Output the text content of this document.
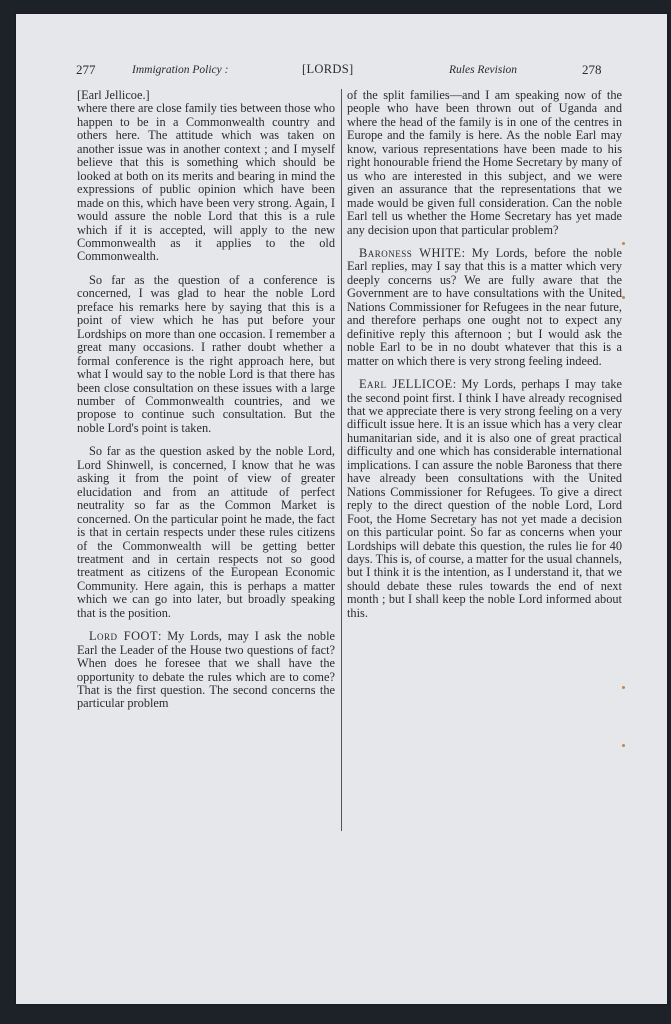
277	Immigration Policy :	[LORDS]	Rules Revision	278

[Earl Jellicoe.]

where there are close family ties between those who happen to be in a Commonwealth country and others here. The attitude which was taken on another issue was in another context ; and I myself believe that this is something which should be looked at both on its merits and bearing in mind the expressions of public opinion which have been made on this, which have been very strong. Again, I would assure the noble Lord that this is a rule which if it is accepted, will apply to the new Commonwealth as it applies to the old Commonwealth.

So far as the question of a conference is concerned, I was glad to hear the noble Lord preface his remarks here by saying that this is a point of view which he has put before your Lordships on more than one occasion. I remember a great many occasions. I rather doubt whether a formal conference is the right approach here, but what I would say to the noble Lord is that there has been close consultation on these issues with a large number of Commonwealth countries, and we propose to continue such consultation. But the noble Lord's point is taken.

So far as the question asked by the noble Lord, Lord Shinwell, is concerned, I know that he was asking it from the point of view of greater elucidation and from an attitude of perfect neutrality so far as the Common Market is concerned. On the particular point he made, the fact is that in certain respects under these rules citizens of the Commonwealth will be getting better treatment and in certain respects not so good treatment as citizens of the European Economic Community. Here again, this is perhaps a matter which we can go into later, but broadly speaking that is the position.

Lord FOOT: My Lords, may I ask the noble Earl the Leader of the House two questions of fact? When does he foresee that we shall have the opportunity to debate the rules which are to come? That is the first question. The second concerns the particular problem

of the split families—and I am speaking now of the people who have been thrown out of Uganda and where the head of the family is in one of the centres in Europe and the family is here. As the noble Earl may know, various representations have been made to his right honourable friend the Home Secretary by many of us who are interested in this subject, and we were given an assurance that the representations that we made would be given full consideration. Can the noble Earl tell us whether the Home Secretary has yet made any decision upon that particular problem?

Baroness WHITE: My Lords, before the noble Earl replies, may I say that this is a matter which very deeply concerns us? We are fully aware that the Government are to have consultations with the United Nations Commissioner for Refugees in the near future, and therefore perhaps one ought not to expect any definitive reply this afternoon ; but I would ask the noble Earl to be in no doubt whatever that this is a matter on which there is very strong feeling indeed.

Earl JELLICOE: My Lords, perhaps I may take the second point first. I think I have already recognised that we appreciate there is very strong feeling on a very difficult issue here. It is an issue which has a very clear humanitarian side, and it is also one of great practical difficulty and one which has considerable international implications. I can assure the noble Baroness that there have already been consultations with the United Nations Commissioner for Refugees. To give a direct reply to the direct question of the noble Lord, Lord Foot, the Home Secretary has not yet made a decision on this particular point. So far as concerns when your Lordships will debate this question, the rules lie for 40 days. This is, of course, a matter for the usual channels, but I think it is the intention, as I understand it, that we should debate these rules towards the end of next month ; but I shall keep the noble Lord informed about this.
